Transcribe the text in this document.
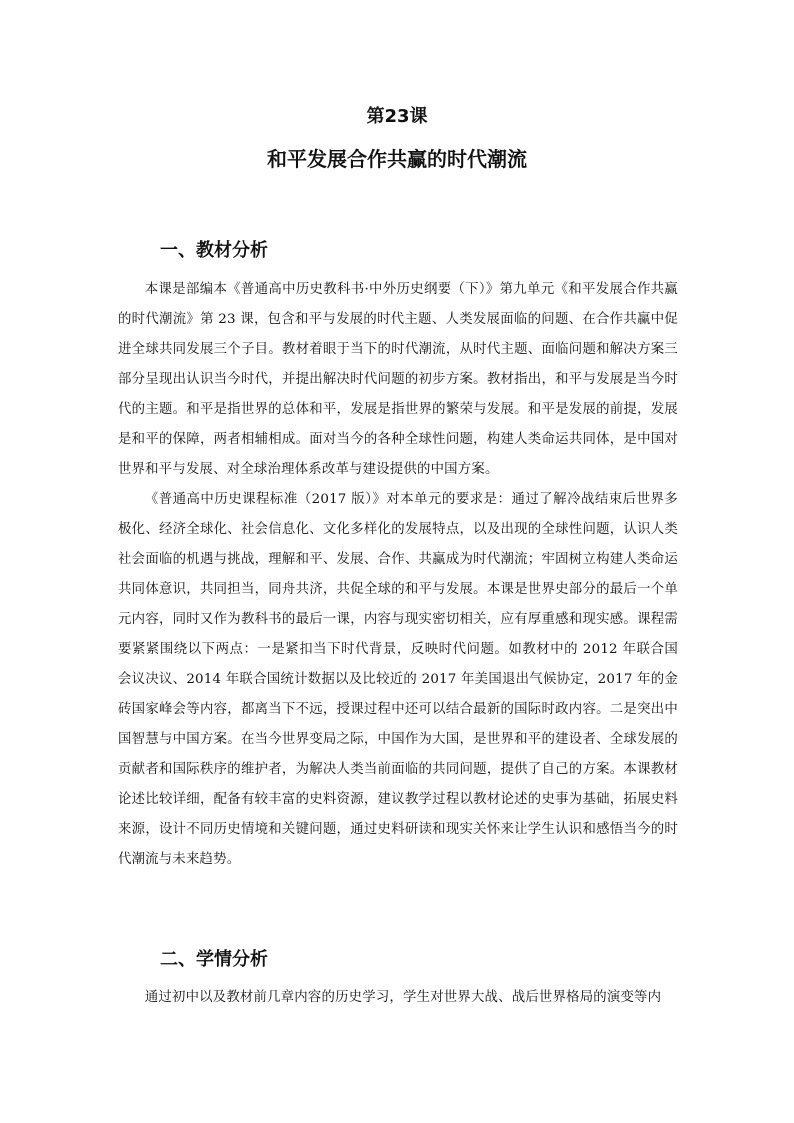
第23课
和平发展合作共赢的时代潮流
一、教材分析

本课是部编本《普通高中历史教科书·中外历史纲要（下）》第九单元《和平发展合作共赢的时代潮流》第 23 课，包含和平与发展的时代主题、人类发展面临的问题、在合作共赢中促进全球共同发展三个子目。教材着眼于当下的时代潮流，从时代主题、面临问题和解决方案三部分呈现出认识当今时代，并提出解决时代问题的初步方案。教材指出，和平与发展是当今时代的主题。和平是指世界的总体和平，发展是指世界的繁荣与发展。和平是发展的前提，发展是和平的保障，两者相辅相成。面对当今的各种全球性问题，构建人类命运共同体，是中国对世界和平与发展、对全球治理体系改革与建设提供的中国方案。

《普通高中历史课程标准（2017 版）》对本单元的要求是：通过了解冷战结束后世界多极化、经济全球化、社会信息化、文化多样化的发展特点，以及出现的全球性问题，认识人类社会面临的机遇与挑战，理解和平、发展、合作、共赢成为时代潮流；牢固树立构建人类命运共同体意识，共同担当，同舟共济，共促全球的和平与发展。本课是世界史部分的最后一个单元内容，同时又作为教科书的最后一课，内容与现实密切相关，应有厚重感和现实感。课程需要紧紧围绕以下两点：一是紧扣当下时代背景，反映时代问题。如教材中的 2012 年联合国会议决议、2014 年联合国统计数据以及比较近的 2017 年美国退出气候协定，2017 年的金砖国家峰会等内容，都离当下不远，授课过程中还可以结合最新的国际时政内容。二是突出中国智慧与中国方案。在当今世界变局之际，中国作为大国，是世界和平的建设者、全球发展的贡献者和国际秩序的维护者，为解决人类当前面临的共同问题，提供了自己的方案。本课教材论述比较详细，配备有较丰富的史料资源，建议教学过程以教材论述的史事为基础，拓展史料来源，设计不同历史情境和关键问题，通过史料研读和现实关怀来让学生认识和感悟当今的时代潮流与未来趋势。

二、学情分析

通过初中以及教材前几章内容的历史学习，学生对世界大战、战后世界格局的演变等内
